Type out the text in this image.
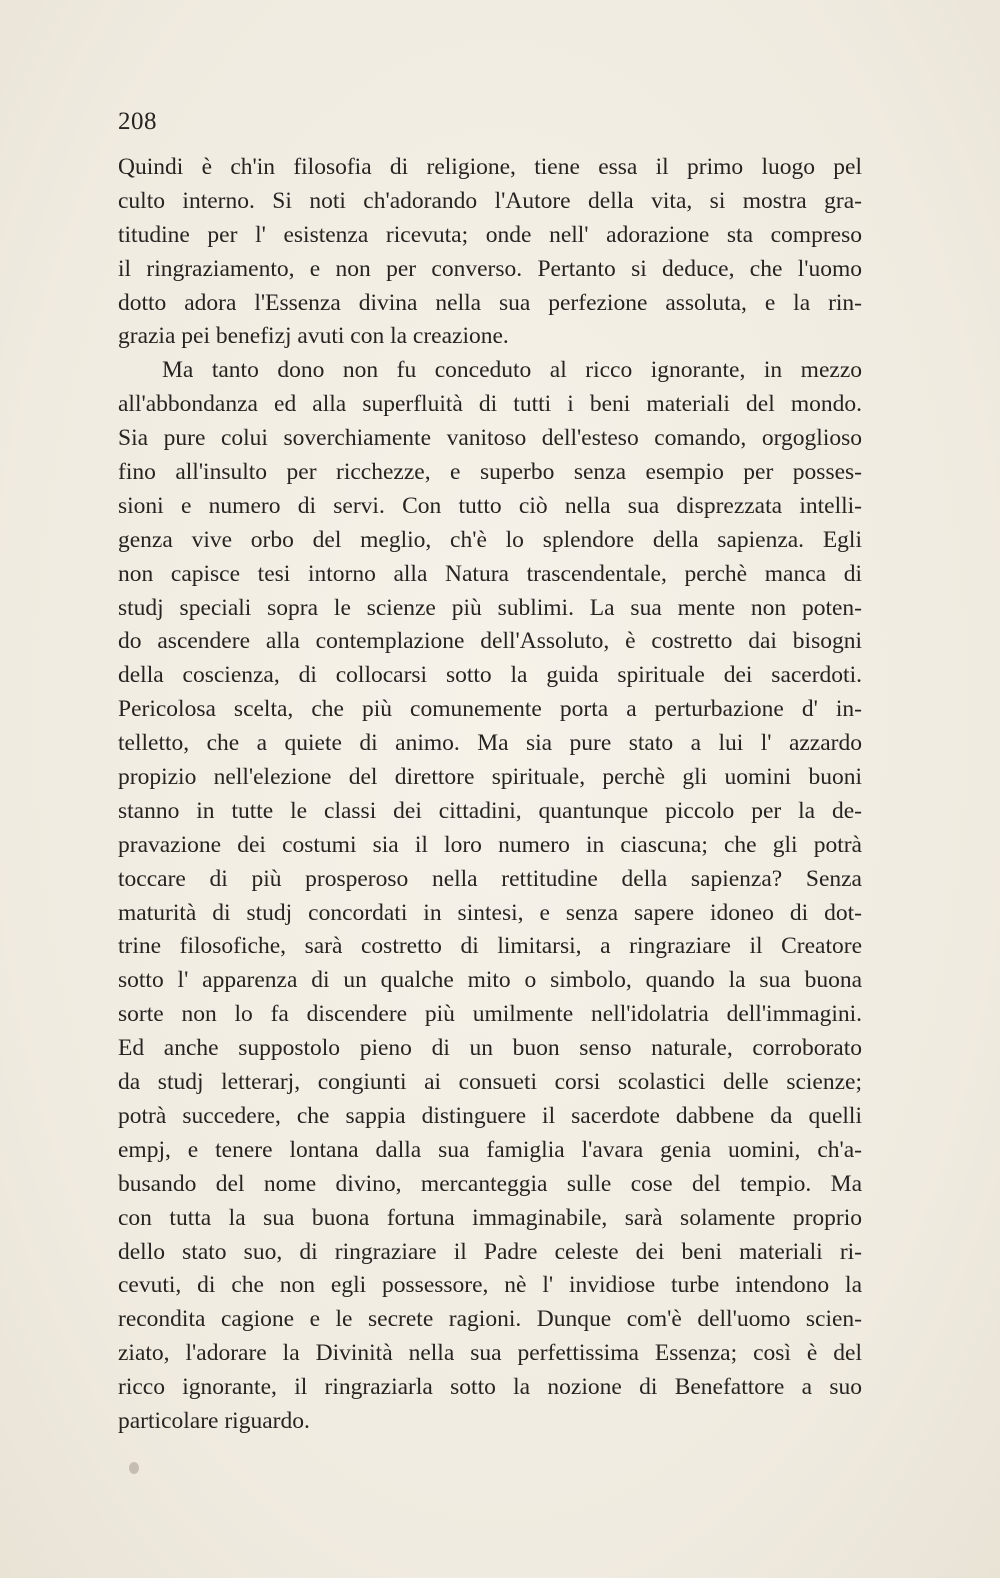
208
Quindi è ch'in filosofia di religione, tiene essa il primo luogo pel
culto interno. Si noti ch'adorando l'Autore della vita, si mostra gra-
titudine per l' esistenza ricevuta; onde nell' adorazione sta compreso
il ringraziamento, e non per converso. Pertanto si deduce, che l'uomo
dotto adora l'Essenza divina nella sua perfezione assoluta, e la rin-
grazia pei benefizj avuti con la creazione.
Ma tanto dono non fu conceduto al ricco ignorante, in mezzo
all'abbondanza ed alla superfluità di tutti i beni materiali del mondo.
Sia pure colui soverchiamente vanitoso dell'esteso comando, orgoglioso
fino all'insulto per ricchezze, e superbo senza esempio per posses-
sioni e numero di servi. Con tutto ciò nella sua disprezzata intelli-
genza vive orbo del meglio, ch'è lo splendore della sapienza. Egli
non capisce tesi intorno alla Natura trascendentale, perchè manca di
studj speciali sopra le scienze più sublimi. La sua mente non poten-
do ascendere alla contemplazione dell'Assoluto, è costretto dai bisogni
della coscienza, di collocarsi sotto la guida spirituale dei sacerdoti.
Pericolosa scelta, che più comunemente porta a perturbazione d' in-
telletto, che a quiete di animo. Ma sia pure stato a lui l' azzardo
propizio nell'elezione del direttore spirituale, perchè gli uomini buoni
stanno in tutte le classi dei cittadini, quantunque piccolo per la de-
pravazione dei costumi sia il loro numero in ciascuna; che gli potrà
toccare di più prosperoso nella rettitudine della sapienza? Senza
maturità di studj concordati in sintesi, e senza sapere idoneo di dot-
trine filosofiche, sarà costretto di limitarsi, a ringraziare il Creatore
sotto l' apparenza di un qualche mito o simbolo, quando la sua buona
sorte non lo fa discendere più umilmente nell'idolatria dell'immagini.
Ed anche suppostolo pieno di un buon senso naturale, corroborato
da studj letterarj, congiunti ai consueti corsi scolastici delle scienze;
potrà succedere, che sappia distinguere il sacerdote dabbene da quelli
empj, e tenere lontana dalla sua famiglia l'avara genia uomini, ch'a-
busando del nome divino, mercanteggia sulle cose del tempio. Ma
con tutta la sua buona fortuna immaginabile, sarà solamente proprio
dello stato suo, di ringraziare il Padre celeste dei beni materiali ri-
cevuti, di che non egli possessore, nè l' invidiose turbe intendono la
recondita cagione e le secrete ragioni. Dunque com'è dell'uomo scien-
ziato, l'adorare la Divinità nella sua perfettissima Essenza; così è del
ricco ignorante, il ringraziarla sotto la nozione di Benefattore a suo
particolare riguardo.
